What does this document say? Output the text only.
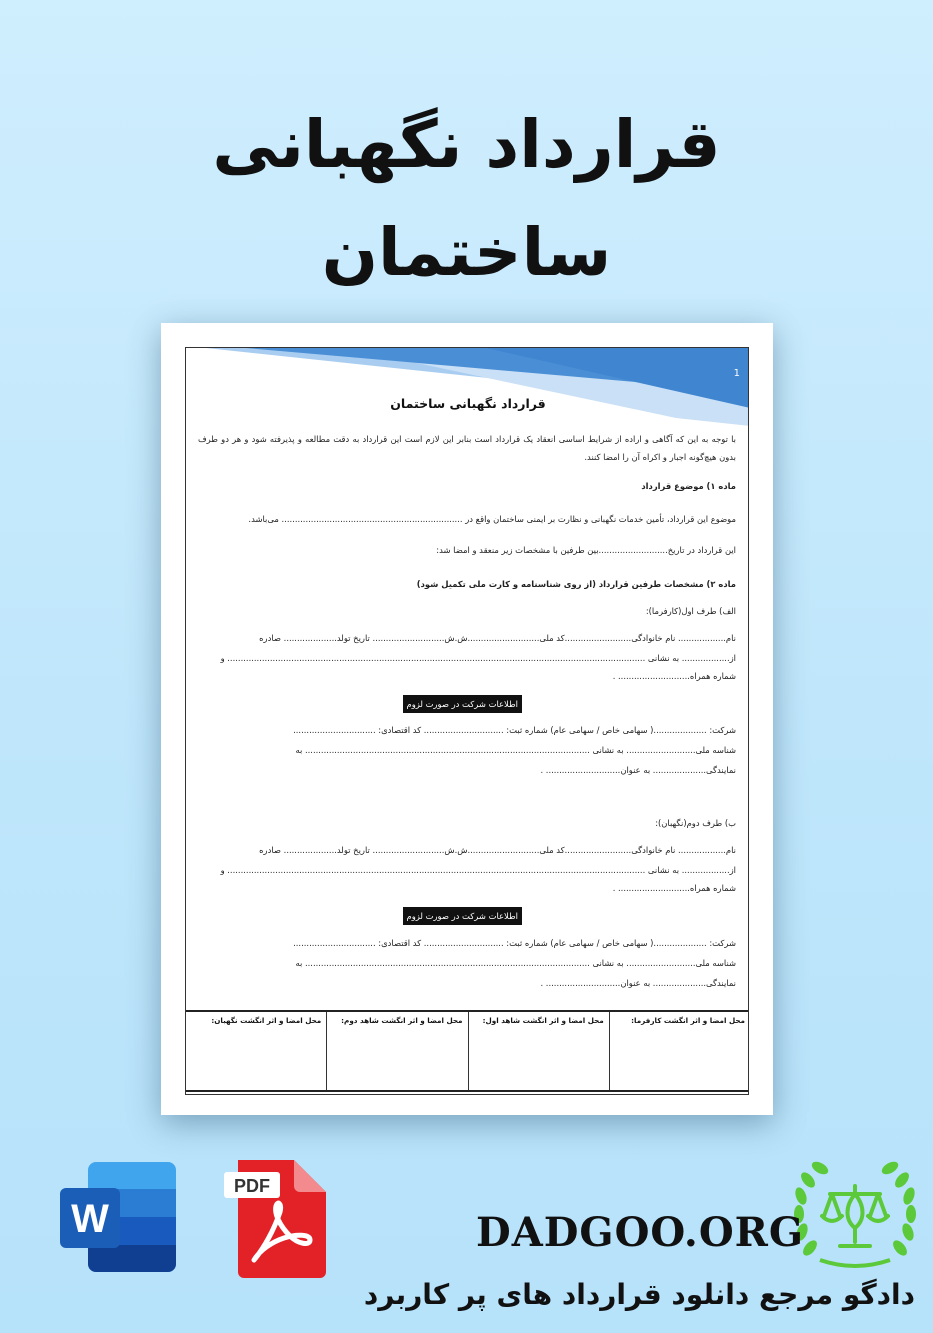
قرارداد نگهبانی
ساختمان
1
قرارداد نگهبانی ساختمان
با توجه به این که آگاهی و اراده از شرایط اساسی انعقاد یک قرارداد است بنابر این لازم است این قرارداد به دقت مطالعه و پذیرفته شود و هر دو طرف بدون هیچ‌گونه اجبار و اکراه آن را امضا کنند.
ماده ۱) موضوع قرارداد
موضوع این قرارداد، تأمین خدمات نگهبانی و نظارت بر ایمنی ساختمان واقع در .................................................................... می‌باشد.
این قرارداد در تاریخ..........................بین طرفین با مشخصات زیر منعقد و امضا شد:
ماده ۲) مشخصات طرفین قرارداد (از روی شناسنامه و کارت ملی تکمیل شود)
الف) طرف اول(کارفرما):
نام.................. نام خانوادگی.........................کد ملی...........................ش.ش........................... تاریخ تولد.................... صادره
از.................. به نشانی ............................................................................................................................................................. و
شماره همراه........................... .
اطلاعات شرکت در صورت لزوم
شرکت: ....................( سهامی خاص / سهامی عام) شماره ثبت: .............................. کد اقتصادی: ...............................
شناسه ملی.......................... به نشانی ........................................................................................................... به
نمایندگی.................... به عنوان............................ .
ب) طرف دوم(نگهبان):
نام.................. نام خانوادگی.........................کد ملی...........................ش.ش........................... تاریخ تولد.................... صادره
از.................. به نشانی ............................................................................................................................................................. و
شماره همراه........................... .
اطلاعات شرکت در صورت لزوم
شرکت: ....................( سهامی خاص / سهامی عام) شماره ثبت: .............................. کد اقتصادی: ...............................
شناسه ملی.......................... به نشانی ........................................................................................................... به
نمایندگی.................... به عنوان............................ .
محل امضا و اثر انگشت کارفرما:
محل امضا و اثر انگشت شاهد اول:
محل امضا و اثر انگشت شاهد دوم:
محل امضا و اثر انگشت نگهبان:
W
PDF
DADGOO.ORG
دادگو مرجع دانلود قرارداد های پر کاربرد
